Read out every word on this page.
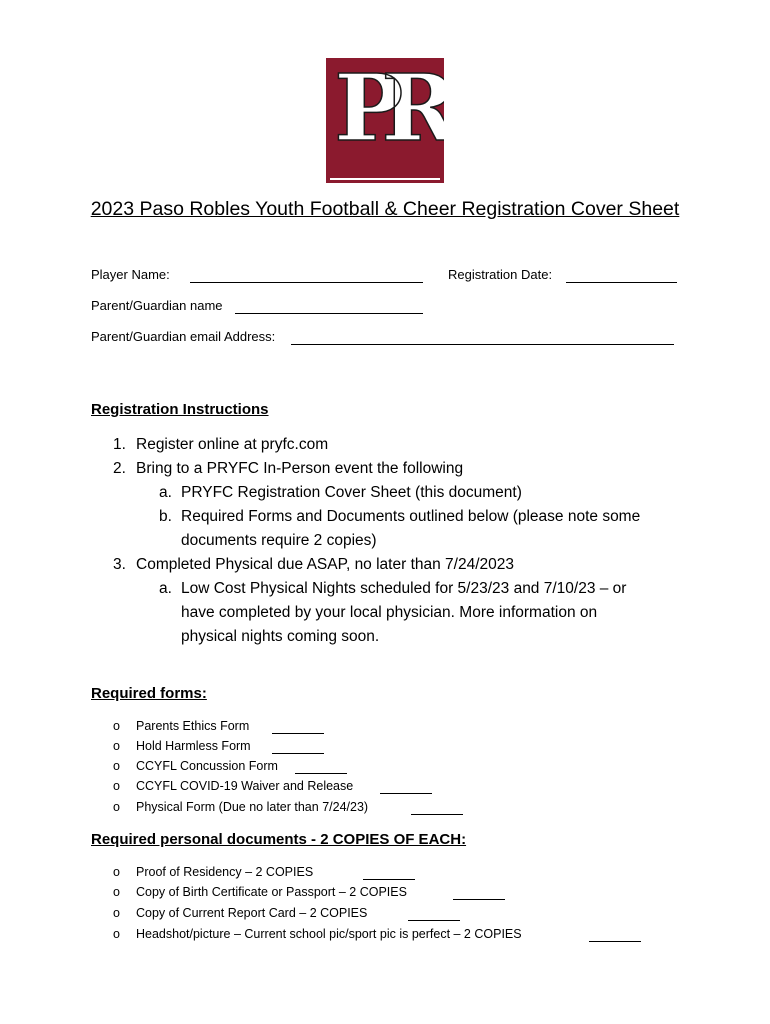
PR
2023 Paso Robles Youth Football & Cheer Registration Cover Sheet
Player Name:	Registration Date:
Parent/Guardian name
Parent/Guardian email Address:
Registration Instructions
1. Register online at pryfc.com
2. Bring to a PRYFC In-Person event the following
a. PRYFC Registration Cover Sheet (this document)
b. Required Forms and Documents outlined below (please note some
documents require 2 copies)
3. Completed Physical due ASAP, no later than 7/24/2023
a. Low Cost Physical Nights scheduled for 5/23/23 and 7/10/23 – or
have completed by your local physician. More information on
physical nights coming soon.
Required forms:
o Parents Ethics Form
o Hold Harmless Form
o CCYFL Concussion Form
o CCYFL COVID-19 Waiver and Release
o Physical Form (Due no later than 7/24/23)
Required personal documents - 2 COPIES OF EACH:
o Proof of Residency – 2 COPIES
o Copy of Birth Certificate or Passport – 2 COPIES
o Copy of Current Report Card – 2 COPIES
o Headshot/picture – Current school pic/sport pic is perfect – 2 COPIES
